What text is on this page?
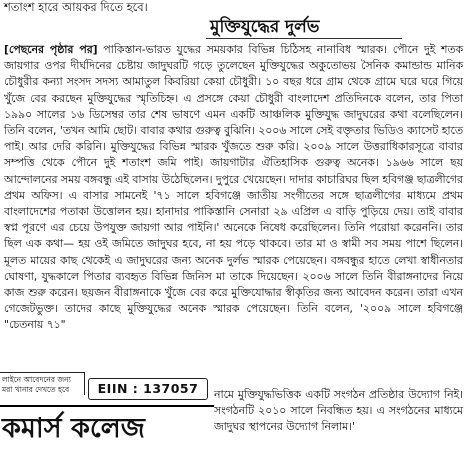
শতাংশ হারে আয়কর দিতে হবে।
মুক্তিযুদ্ধের দুর্লভ

[পেছনের পৃষ্ঠার পর] পাকিস্তান-ভারত যুদ্ধের সময়কার বিভিন্ন চিঠিসহ নানাবিধ স্মারক। পৌনে দুই শতক জায়গার ওপর দীর্ঘদিনের চেষ্টায় জাদুঘরটি গড়ে তুলেছেন মুক্তিযুদ্ধের অকুতোভয় সৈনিক কমান্ডান্ড মানিক চৌধুরীর কন্যা সংসদ সদস্য আমাতুল কিবরিয়া কেয়া চৌধুরী। ১০ বছর ধরে গ্রাম থেকে গ্রামে ঘরে ঘরে গিয়ে খুঁজে বের করছেন মুক্তিযুদ্ধের স্মৃতিচিহ্ন। এ প্রসঙ্গে কেয়া চৌধুরী বাংলাদেশ প্রতিদিনকে বলেন, তার পিতা ১৯৯০ সালের ১৬ ডিসেম্বর তার শেষ ভাষণে এমন একটি আঞ্চলিক মুক্তিযুদ্ধ জাদুঘরের কথা বলেছিলেন। তিনি বলেন, 'তখন আমি ছোট। বাবার কথার গুরুত্ব বুঝিনি। ২০০৬ সালে সেই বক্তৃতার ভিডিও ক্যাসেট হাতে পাই। আর দেরি করিনি। মুক্তিযুদ্ধের বিভিন্ন স্মারক খুঁজতে শুরু করি। ২০০৯ সালে উত্তরাধিকারসূত্রে বাবার সম্পত্তি থেকে পৌনে দুই শতাংশ জমি পাই। জায়গাটার ঐতিহাসিক গুরুত্ব অনেক। ১৯৬৬ সালে ছয় আন্দোলনের সময় বঙ্গবন্ধু এই বাসায় উঠেছিলেন। দুপুরে খেয়েছেন। দাদার কাচারিঘর ছিল হবিগঞ্জ ছাত্রলীগের প্রথম অফিস। এ বাসার সামনেই '৭১ সালে হবিগঞ্জে জাতীয় সংগীতের সঙ্গে ছাত্রলীগের মাধ্যমে প্রথম বাংলাদেশের পতাকা উত্তোলন হয়। হানাদার পাকিস্তানি সেনারা ২৯ এপ্রিল এ বাড়ি পুড়িয়ে দেয়। তাই বাবার স্বপ্ন পূরণে এর চেয়ে উপযুক্ত জায়গা আর পাইনি।' অনেকে নিষেধ করেছিলেন। তিনি পরোয়া করেননি। তার ছিল এক কথা— হয় ওই জমিতে জাদুঘর হবে, না হয় পড়ে থাকবে। তার মা ও স্বামী সব সময় পাশে ছিলেন। মূলত মায়ের কাছ থেকেই এ জাদুঘরের জন্য অনেক দুর্লভ স্মারক পেয়েছেন। বঙ্গবন্ধুর হাতে লেখা স্বাধীনতার ঘোষণা, যুদ্ধকালে পিতার ব্যবহৃত বিভিন্ন জিনিস মা তাকে দিয়েছেন। ২০০৬ সালে তিনি বীরাঙ্গনাদের নিয়ে কাজ শুরু করেন। ছয়জন বীরাঙ্গনাকে খুঁজে বের করে মুক্তিযোদ্ধার স্বীকৃতির জন্য আবেদন করেন। তারা এখন গেজেটভুক্ত। তাদের কাছে মুক্তিযুদ্ধের অনেক স্মারক পেয়েছেন। তিনি বলেন, '২০০৯ সালে হবিগঞ্জে "চেতনায় ৭১"

নামে মুক্তিযুদ্ধভিত্তিক একটি সংগঠন প্রতিষ্ঠার উদ্যোগ নিই। সংগঠনটি ২০১০ সালে নিবন্ধিত হয়। এ সংগঠনের মাধ্যমে জাদুঘর স্থাপনের উদ্যোগ নিলাম।'
লাইনে আবেদনের জন্য মরা খানার দেখতে হবে	EIIN : 137057
কমার্স কলেজ
